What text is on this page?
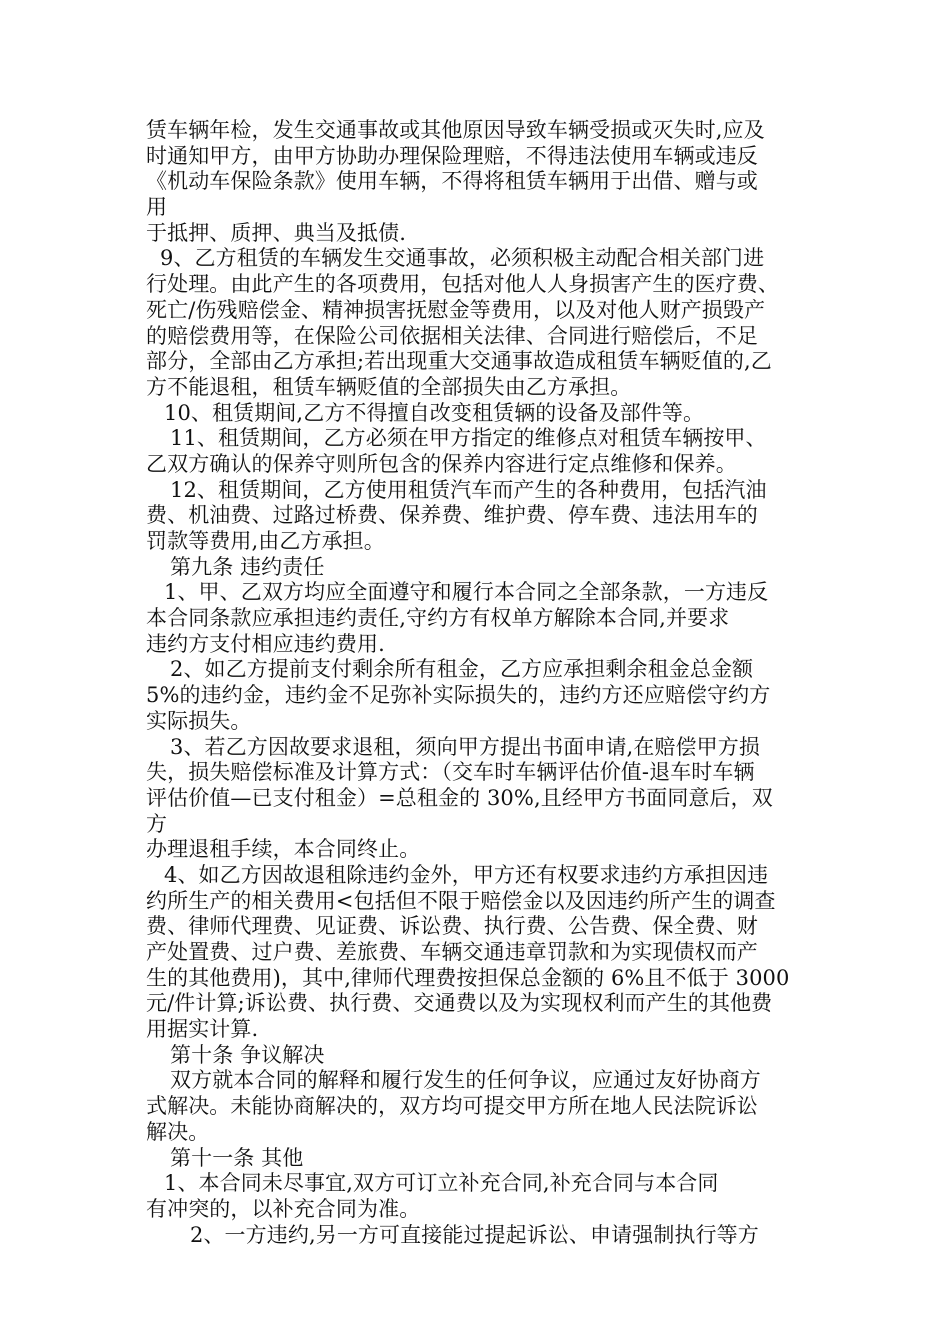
赁车辆年检，发生交通事故或其他原因导致车辆受损或灭失时,应及
时通知甲方，由甲方协助办理保险理赔，不得违法使用车辆或违反
《机动车保险条款》使用车辆，不得将租赁车辆用于出借、赠与或
用
于抵押、质押、典当及抵债.
9、乙方租赁的车辆发生交通事故，必须积极主动配合相关部门进
行处理。由此产生的各项费用，包括对他人人身损害产生的医疗费、
死亡/伤残赔偿金、精神损害抚慰金等费用，以及对他人财产损毁产
的赔偿费用等，在保险公司依据相关法律、合同进行赔偿后，不足
部分，全部由乙方承担;若出现重大交通事故造成租赁车辆贬值的,乙
方不能退租，租赁车辆贬值的全部损失由乙方承担。
10、租赁期间,乙方不得擅自改变租赁辆的设备及部件等。
11、租赁期间，乙方必须在甲方指定的维修点对租赁车辆按甲、
乙双方确认的保养守则所包含的保养内容进行定点维修和保养。
12、租赁期间，乙方使用租赁汽车而产生的各种费用，包括汽油
费、机油费、过路过桥费、保养费、维护费、停车费、违法用车的
罚款等费用,由乙方承担。
第九条 违约责任
1、甲、乙双方均应全面遵守和履行本合同之全部条款，一方违反
本合同条款应承担违约责任,守约方有权单方解除本合同,并要求
违约方支付相应违约费用.
2、如乙方提前支付剩余所有租金，乙方应承担剩余租金总金额
5%的违约金，违约金不足弥补实际损失的，违约方还应赔偿守约方
实际损失。
3、若乙方因故要求退租，须向甲方提出书面申请,在赔偿甲方损
失，损失赔偿标准及计算方式：（交车时车辆评估价值-退车时车辆
评估价值—已支付租金）=总租金的 30%,且经甲方书面同意后，双
方
办理退租手续，本合同终止。
4、如乙方因故退租除违约金外，甲方还有权要求违约方承担因违
约所生产的相关费用<包括但不限于赔偿金以及因违约所产生的调查
费、律师代理费、见证费、诉讼费、执行费、公告费、保全费、财
产处置费、过户费、差旅费、车辆交通违章罚款和为实现债权而产
生的其他费用)，其中,律师代理费按担保总金额的 6%且不低于 3000
元/件计算;诉讼费、执行费、交通费以及为实现权利而产生的其他费
用据实计算.
第十条 争议解决
双方就本合同的解释和履行发生的任何争议，应通过友好协商方
式解决。未能协商解决的，双方均可提交甲方所在地人民法院诉讼
解决。
第十一条 其他
1、本合同未尽事宜,双方可订立补充合同,补充合同与本合同
有冲突的，以补充合同为准。
2、一方违约,另一方可直接能过提起诉讼、申请强制执行等方
